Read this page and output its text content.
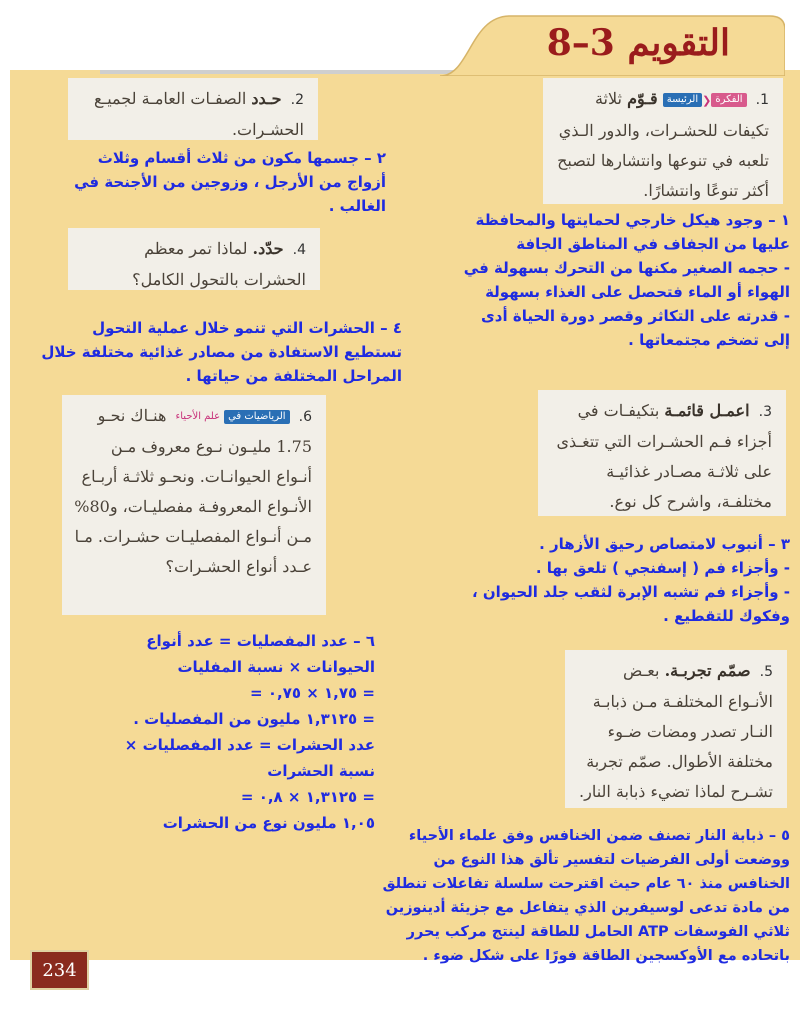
التقويم 3–8
1. الفكرة❮الرئيسة قـوّم ثلاثة تكيفات للحشـرات، والدور الـذي تلعبه في تنوعها وانتشارها لتصبح أكثر تنوعًا وانتشارًا.
2. حـدد الصفـات العامـة لجميـع الحشـرات.
٢ – جسمها مكون من ثلاث أقسام وثلاث
أزواج من الأرجل ، وزوجين من الأجنحة في
الغالب .
١ – وجود هيكل خارجي لحمايتها والمحافظة
عليها من الجفاف في المناطق الجافة
- حجمه الصغير مكنها من التحرك بسهولة في
الهواء أو الماء فتحصل على الغذاء بسهولة
- قدرته على التكاثر وقصر دورة الحياة أدى
إلى تضخم مجتمعاتها .
4. حدّد. لماذا تمر معظم الحشرات بالتحول الكامل؟
٤ – الحشرات التي تنمو خلال عملية التحول
تستطيع الاستفادة من مصادر غذائية مختلفة خلال
المراحل المختلفة من حياتها .
3. اعمـل قائمـة بتكيفـات في أجزاء فـم الحشـرات التي تتغـذى على ثلاثـة مصـادر غذائيـة مختلفـة، واشرح كل نوع.
6. الرياضيات فيعلم الأحياء هنـاك نحـو 1.75 مليـون نـوع معروف مـن أنـواع الحيوانـات. ونحـو ثلاثـة أربـاع الأنـواع المعروفـة مفصليـات، و80% مـن أنـواع المفصليـات حشـرات. مـا عـدد أنواع الحشـرات؟
٣ – أنبوب لامتصاص رحيق الأزهار .
- وأجزاء فم ( إسفنجي ) تلعق بها .
- وأجزاء فم تشبه الإبرة لثقب جلد الحيوان ،
وفكوك للتقطيع .
٦ – عدد المفصليات = عدد أنواع
الحيوانات × نسبة المفليات
= ١,٧٥ × ٠,٧٥ =
= ١,٣١٢٥ مليون من المفصليات .
عدد الحشرات = عدد المفصليات ×
نسبة الحشرات
= ١,٣١٢٥ × ٠,٨ =
١,٠٥ مليون نوع من الحشرات
5. صمّم تجربـة. بعـض الأنـواع المختلفـة مـن ذبابـة النـار تصدر ومضات ضـوء مختلفة الأطوال. صمّم تجربة تشـرح لماذا تضيء ذبابة النار.
٥ – ذبابة النار تصنف ضمن الخنافس وفق علماء الأحياء
ووضعت أولى الفرضيات لتفسير تألق هذا النوع من
الخنافس منذ ٦٠ عام حيث اقترحت سلسلة تفاعلات تنطلق
من مادة تدعى لوسيفرين الذي يتفاعل مع جزيئة أدينوزين
ثلاثي الفوسفات ATP الحامل للطاقة لينتج مركب يحرر
باتحاده مع الأوكسجين الطاقة فورًا على شكل ضوء .
234
